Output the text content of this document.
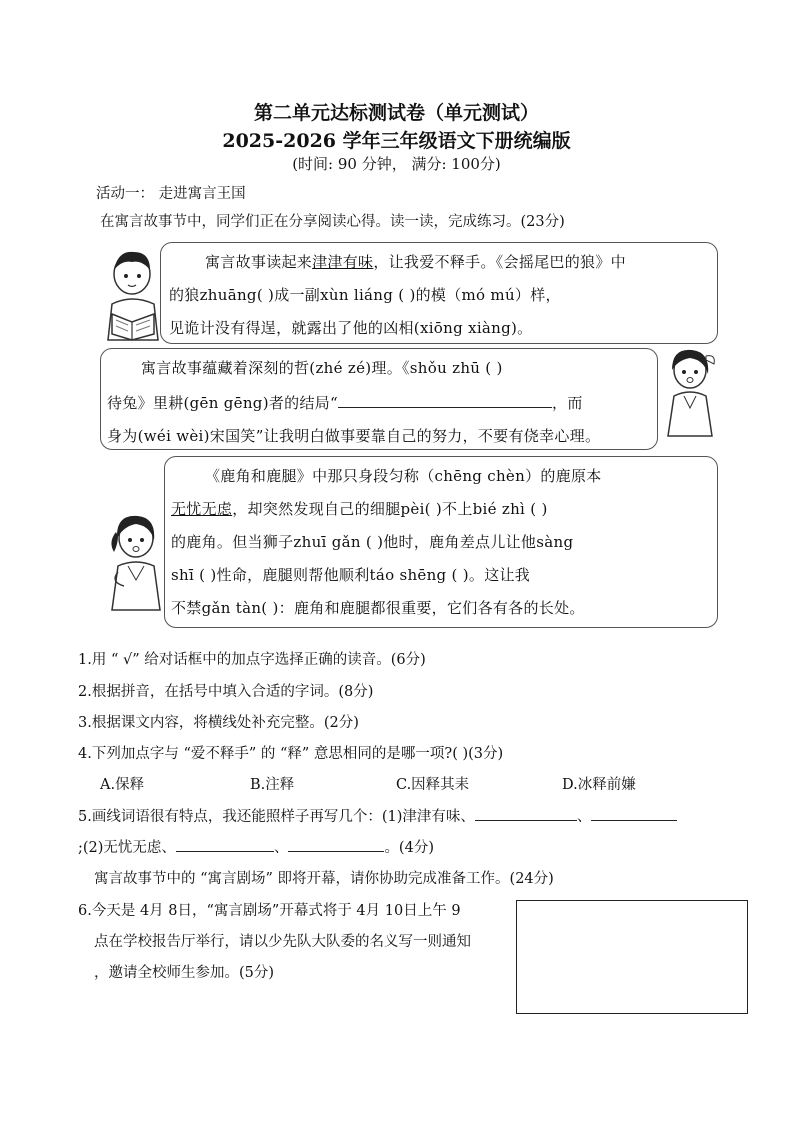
第二单元达标测试卷（单元测试）
2025-2026 学年三年级语文下册统编版
(时间: 90 分钟， 满分: 100分)
活动一： 走进寓言王国
在寓言故事节中，同学们正在分享阅读心得。读一读，完成练习。(23分)
寓言故事读起来津津有味，让我爱不释手。《会摇尾巴的狼》中
的狼zhuāng( )成一副xùn liáng ( )的模（mó mú）样，
见诡计没有得逞，就露出了他的凶相(xiōng xiàng)。
寓言故事蕴藏着深刻的哲(zhé zé)理。《shǒu zhū ( )
待兔》里耕(gēn gēng)者的结局“	，而
身为(wéi wèi)宋国笑”让我明白做事要靠自己的努力，不要有侥幸心理。
《鹿角和鹿腿》中那只身段匀称（chēng chèn）的鹿原本
无忧无虑，却突然发现自己的细腿pèi( )不上bié zhì ( )
的鹿角。但当狮子zhuī gǎn ( )他时，鹿角差点儿让他sàng
shī ( )性命，鹿腿则帮他顺利táo shēng ( )。这让我
不禁gǎn tàn( )：鹿角和鹿腿都很重要，它们各有各的长处。
1.用 “ √” 给对话框中的加点字选择正确的读音。(6分)
2.根据拼音，在括号中填入合适的字词。(8分)
3.根据课文内容，将横线处补充完整。(2分)
4.下列加点字与 “爱不释手” 的 “释” 意思相同的是哪一项?( )(3分)
A.保释	B.注释	C.因释其耒	D.冰释前嫌
5.画线词语很有特点，我还能照样子再写几个：(1)津津有味、	、
;(2)无忧无虑、	、	。(4分)
寓言故事节中的 “寓言剧场” 即将开幕，请你协助完成准备工作。(24分)
6.今天是 4月 8日，“寓言剧场”开幕式将于 4月 10日上午 9
点在学校报告厅举行，请以少先队大队委的名义写一则通知
，邀请全校师生参加。(5分)
